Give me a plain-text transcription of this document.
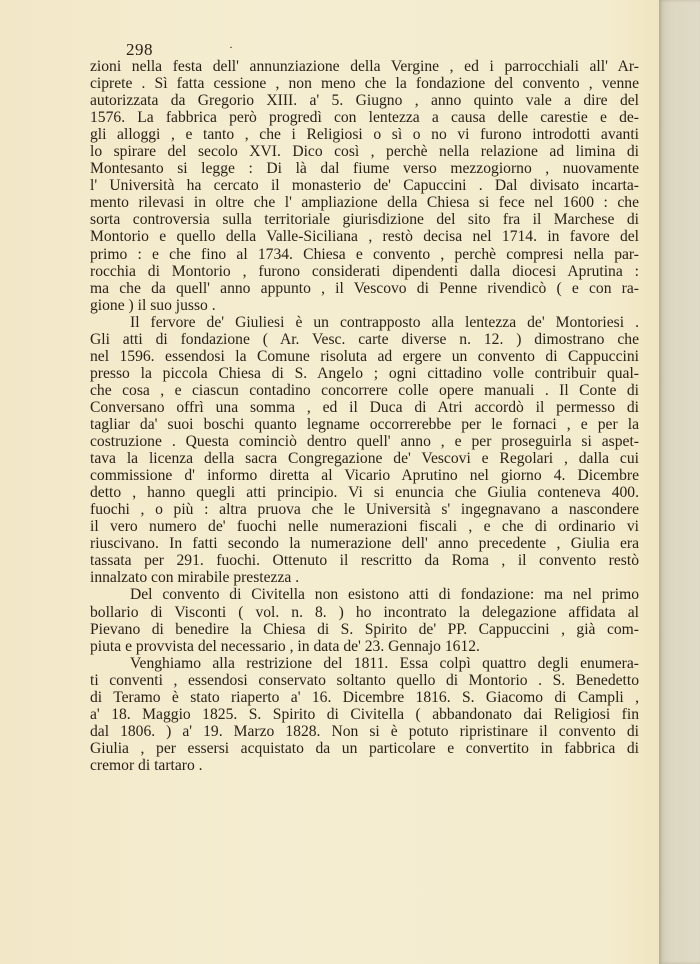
298	·
zioni nella festa dell' annunziazione della Vergine , ed i parrocchiali all' Ar-
ciprete . Sì fatta cessione , non meno che la fondazione del convento , venne
autorizzata da Gregorio XIII. a' 5. Giugno , anno quinto vale a dire del
1576. La fabbrica però progredì con lentezza a causa delle carestie e de-
gli alloggi , e tanto , che i Religiosi o sì o no vi furono introdotti avanti
lo spirare del secolo XVI. Dico così , perchè nella relazione ad limina di
Montesanto si legge : Di là dal fiume verso mezzogiorno , nuovamente
l' Università ha cercato il monasterio de' Capuccini . Dal divisato incarta-
mento rilevasi in oltre che l' ampliazione della Chiesa si fece nel 1600 : che
sorta controversia sulla territoriale giurisdizione del sito fra il Marchese di
Montorio e quello della Valle-Siciliana , restò decisa nel 1714. in favore del
primo : e che fino al 1734. Chiesa e convento , perchè compresi nella par-
rocchia di Montorio , furono considerati dipendenti dalla diocesi Aprutina :
ma che da quell' anno appunto , il Vescovo di Penne rivendicò ( e con ra-
gione ) il suo jusso .
Il fervore de' Giuliesi è un contrapposto alla lentezza de' Montoriesi .
Gli atti di fondazione ( Ar. Vesc. carte diverse n. 12. ) dimostrano che
nel 1596. essendosi la Comune risoluta ad ergere un convento di Cappuccini
presso la piccola Chiesa di S. Angelo ; ogni cittadino volle contribuir qual-
che cosa , e ciascun contadino concorrere colle opere manuali . Il Conte di
Conversano offrì una somma , ed il Duca di Atri accordò il permesso di
tagliar da' suoi boschi quanto legname occorrerebbe per le fornaci , e per la
costruzione . Questa cominciò dentro quell' anno , e per proseguirla si aspet-
tava la licenza della sacra Congregazione de' Vescovi e Regolari , dalla cui
commissione d' informo diretta al Vicario Aprutino nel giorno 4. Dicembre
detto , hanno quegli atti principio. Vi si enuncia che Giulia conteneva 400.
fuochi , o più : altra pruova che le Università s' ingegnavano a nascondere
il vero numero de' fuochi nelle numerazioni fiscali , e che di ordinario vi
riuscivano. In fatti secondo la numerazione dell' anno precedente , Giulia era
tassata per 291. fuochi. Ottenuto il rescritto da Roma , il convento restò
innalzato con mirabile prestezza .
Del convento di Civitella non esistono atti di fondazione: ma nel primo
bollario di Visconti ( vol. n. 8. ) ho incontrato la delegazione affidata al
Pievano di benedire la Chiesa di S. Spirito de' PP. Cappuccini , già com-
piuta e provvista del necessario , in data de' 23. Gennajo 1612.
Venghiamo alla restrizione del 1811. Essa colpì quattro degli enumera-
ti conventi , essendosi conservato soltanto quello di Montorio . S. Benedetto
di Teramo è stato riaperto a' 16. Dicembre 1816. S. Giacomo di Campli ,
a' 18. Maggio 1825. S. Spirito di Civitella ( abbandonato dai Religiosi fin
dal 1806. ) a' 19. Marzo 1828. Non si è potuto ripristinare il convento di
Giulia , per essersi acquistato da un particolare e convertito in fabbrica di
cremor di tartaro .
